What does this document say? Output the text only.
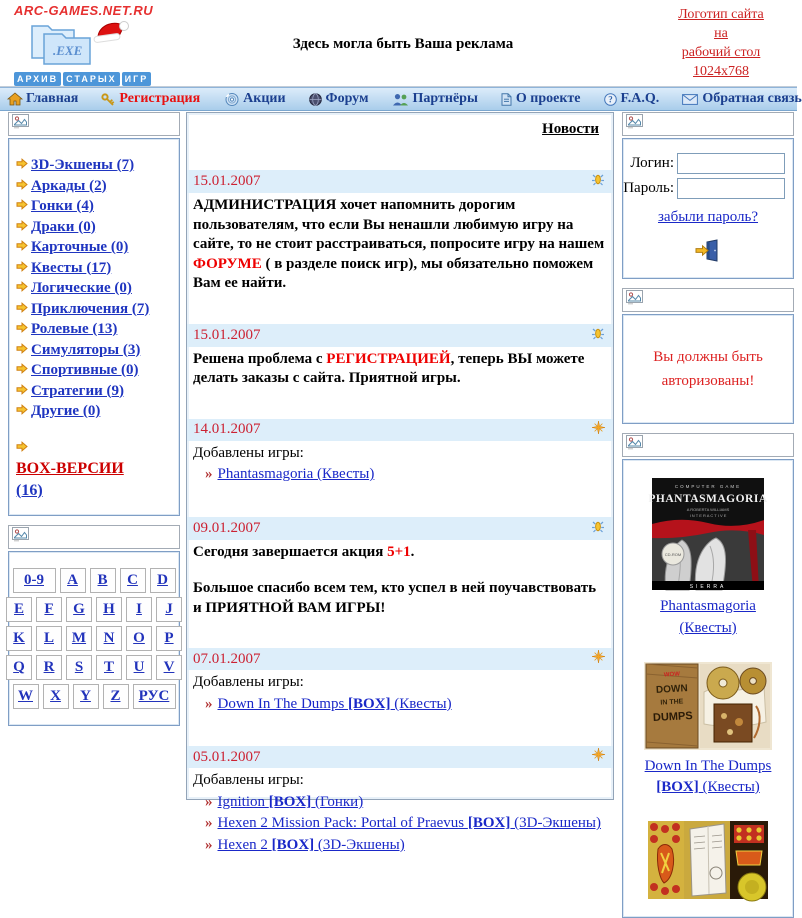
ARC-GAMES.NET.RU
.EXE
АРХИВ СТАРЫХ ИГР
Здесь могла быть Ваша реклама
Логотип сайта
на
рабочий стол
1024x768
Главная	Регистрация	Акции	Форум	Партнёры	О проекте	? F.A.Q.	Обратная связь
3D-Экшены (7)
Аркады (2)
Гонки (4)
Драки (0)
Карточные (0)
Квесты (17)
Логические (0)
Приключения (7)
Ролевые (13)
Симуляторы (3)
Спортивные (0)
Стратегии (9)
Другие (0)

BOX-ВЕРСИИ
(16)
0-9 A B C D
E F G H I J
K L M N O P
Q R S T U V
W X Y Z РУС
Новости
15.01.2007

АДМИНИСТРАЦИЯ хочет напомнить дорогим пользователям, что если Вы ненашли любимую игру на сайте, то не стоит расстраиваться, попросите игру на нашем ФОРУМЕ ( в разделе поиск игр), мы обязательно поможем Вам ее найти.

15.01.2007

Решена проблема с РЕГИСТРАЦИЕЙ, теперь ВЫ можете делать заказы с сайта. Приятной игры.

14.01.2007

Добавлены игры:

» Phantasmagoria (Квесты)
09.01.2007

Сегодня завершается акция 5+1.

Большое спасибо всем тем, кто успел в ней поучавствовать и ПРИЯТНОЙ ВАМ ИГРЫ!

07.01.2007

Добавлены игры:

» Down In The Dumps [BOX] (Квесты)
05.01.2007

Добавлены игры:

» Ignition [BOX] (Гонки)
» Hexen 2 Mission Pack: Portal of Praevus [BOX] (3D-Экшены)
» Hexen 2 [BOX] (3D-Экшены)
Логин:
Пароль:
забыли пароль?
Вы должны быть авторизованы!
COMPUTER GAME
PHANTASMAGORIA
A ROBERTA WILLIAMS
I N T E R A C T I V E
CD-ROM
SIERRA
Phantasmagoria (Квесты)
WOW
DOWN
IN THE
DUMPS
Down In The Dumps [BOX] (Квесты)
